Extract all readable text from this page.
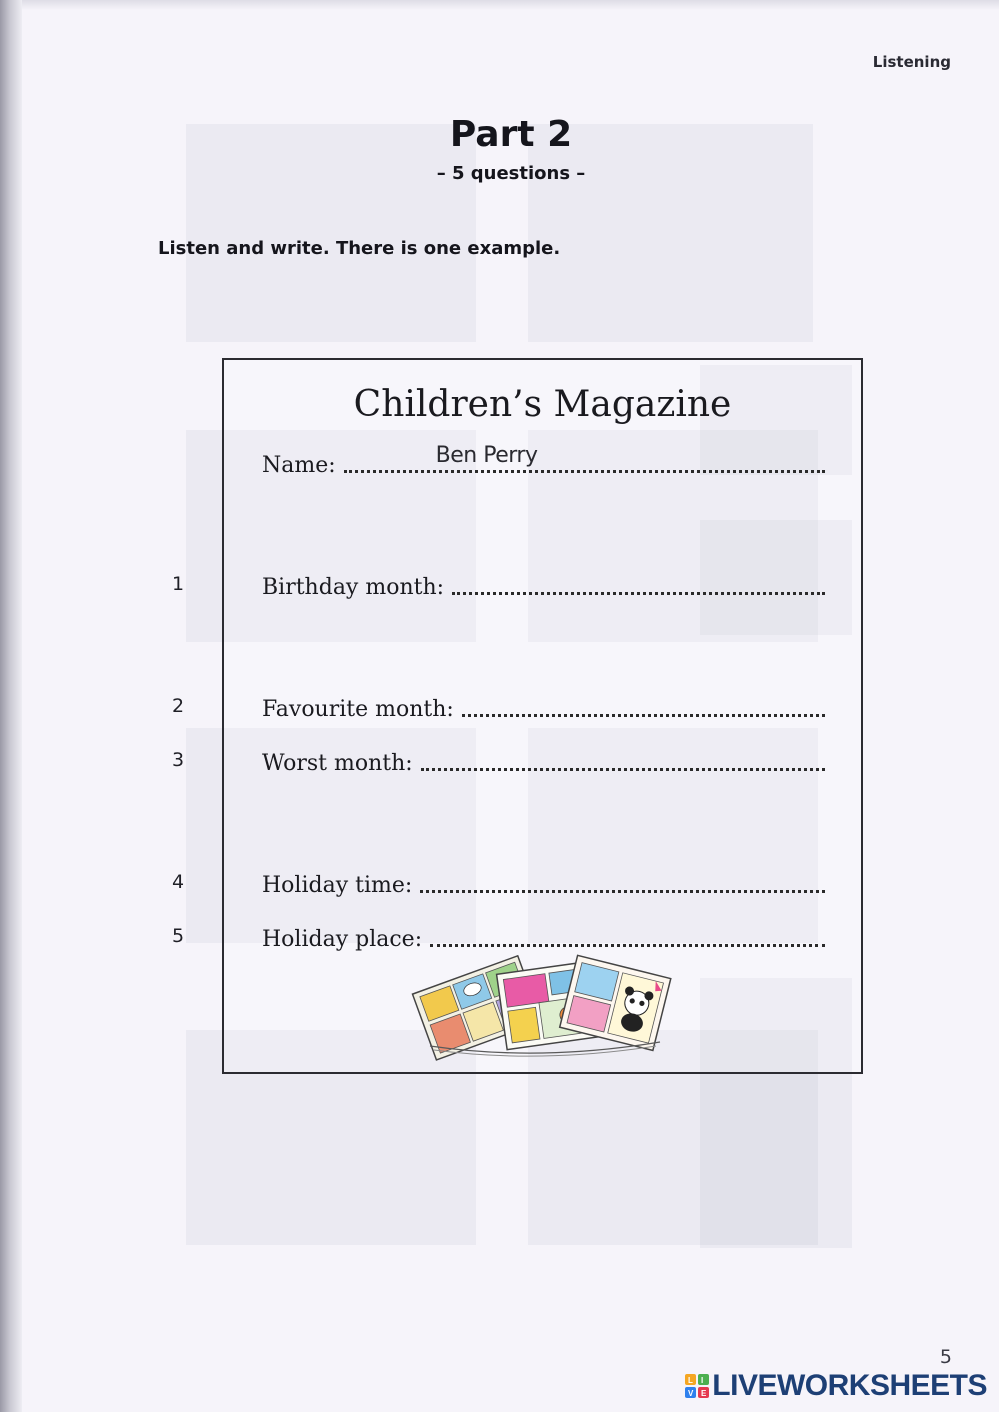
Listening
Part 2
– 5 questions –
Listen and write. There is one example.
Children’s Magazine
Name:	Ben Perry
Birthday month:
Favourite month:
Worst month:
Holiday time:
Holiday place:
1
2
3
4
5
5
L I
V E LIVEWORKSHEETS
